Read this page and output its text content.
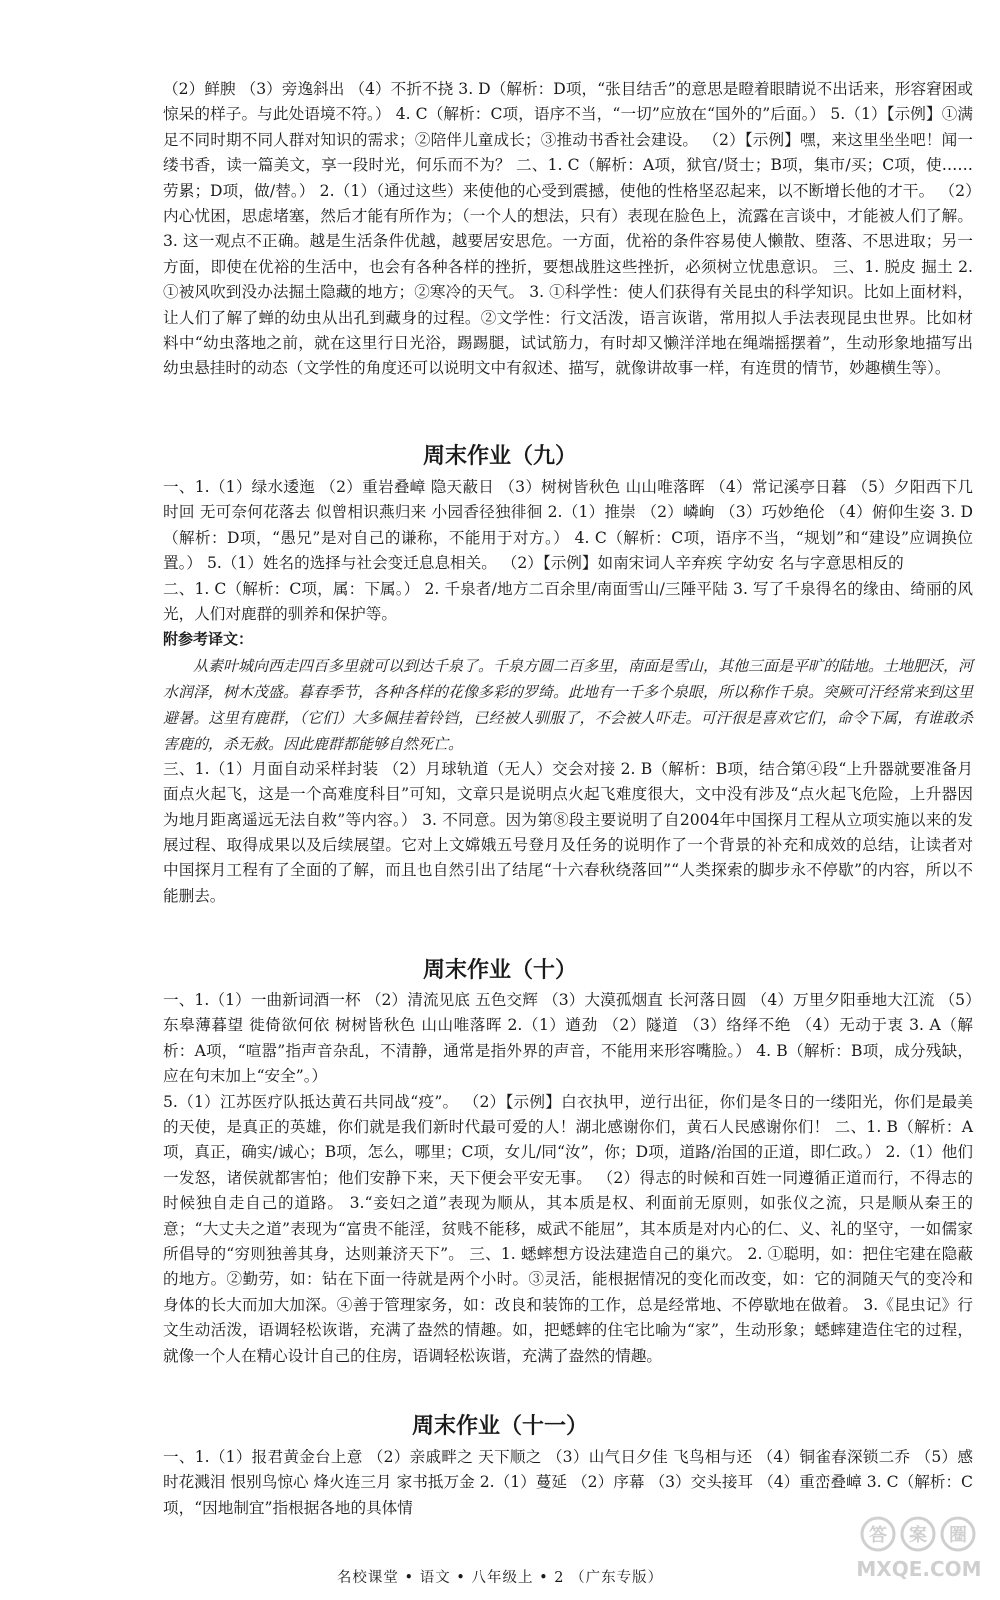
（2）鲜腴 （3）旁逸斜出 （4）不折不挠 3. D（解析：D项，“张目结舌”的意思是瞪着眼睛说不出话来，形容窘困或惊呆的样子。与此处语境不符。） 4. C（解析：C项，语序不当，“一切”应放在“国外的”后面。） 5.（1）【示例】①满足不同时期不同人群对知识的需求；②陪伴儿童成长；③推动书香社会建设。 （2）【示例】嘿，来这里坐坐吧！闻一缕书香，读一篇美文，享一段时光，何乐而不为？ 二、1. C（解析：A项，狱官/贤士；B项，集市/买；C项，使……劳累；D项，做/替。） 2.（1）（通过这些）来使他的心受到震撼，使他的性格坚忍起来，以不断增长他的才干。 （2）内心忧困，思虑堵塞，然后才能有所作为；（一个人的想法，只有）表现在脸色上，流露在言谈中，才能被人们了解。 3. 这一观点不正确。越是生活条件优越，越要居安思危。一方面，优裕的条件容易使人懒散、堕落、不思进取；另一方面，即使在优裕的生活中，也会有各种各样的挫折，要想战胜这些挫折，必须树立忧患意识。 三、1. 脱皮 掘土 2. ①被风吹到没办法掘土隐藏的地方；②寒冷的天气。 3. ①科学性：使人们获得有关昆虫的科学知识。比如上面材料，让人们了解了蝉的幼虫从出孔到藏身的过程。②文学性：行文活泼，语言诙谐，常用拟人手法表现昆虫世界。比如材料中“幼虫落地之前，就在这里行日光浴，踢踢腿，试试筋力，有时却又懒洋洋地在绳端摇摆着”，生动形象地描写出幼虫悬挂时的动态（文学性的角度还可以说明文中有叙述、描写，就像讲故事一样，有连贯的情节，妙趣横生等）。

周末作业（九）

一、1.（1）绿水逶迤 （2）重岩叠嶂 隐天蔽日 （3）树树皆秋色 山山唯落晖 （4）常记溪亭日暮 （5）夕阳西下几时回 无可奈何花落去 似曾相识燕归来 小园香径独徘徊 2.（1）推崇 （2）嶙峋 （3）巧妙绝伦 （4）俯仰生姿 3. D（解析：D项，“愚兄”是对自己的谦称，不能用于对方。） 4. C（解析：C项，语序不当，“规划”和“建设”应调换位置。） 5.（1）姓名的选择与社会变迁息息相关。 （2）【示例】如南宋词人辛弃疾 字幼安 名与字意思相反的

二、1. C（解析：C项，属：下属。） 2. 千泉者/地方二百余里/南面雪山/三陲平陆 3. 写了千泉得名的缘由、绮丽的风光，人们对鹿群的驯养和保护等。

附参考译文：

从素叶城向西走四百多里就可以到达千泉了。千泉方圆二百多里，南面是雪山，其他三面是平旷的陆地。土地肥沃，河水润泽，树木茂盛。暮春季节，各种各样的花像多彩的罗绮。此地有一千多个泉眼，所以称作千泉。突厥可汗经常来到这里避暑。这里有鹿群，（它们）大多佩挂着铃铛，已经被人驯服了，不会被人吓走。可汗很是喜欢它们，命令下属，有谁敢杀害鹿的，杀无赦。因此鹿群都能够自然死亡。

三、1.（1）月面自动采样封装 （2）月球轨道（无人）交会对接 2. B（解析：B项，结合第④段“上升器就要准备月面点火起飞，这是一个高难度科目”可知，文章只是说明点火起飞难度很大，文中没有涉及“点火起飞危险，上升器因为地月距离遥远无法自救”等内容。） 3. 不同意。因为第⑧段主要说明了自2004年中国探月工程从立项实施以来的发展过程、取得成果以及后续展望。它对上文嫦娥五号登月及任务的说明作了一个背景的补充和成效的总结，让读者对中国探月工程有了全面的了解，而且也自然引出了结尾“十六春秋绕落回”“人类探索的脚步永不停歇”的内容，所以不能删去。

周末作业（十）

一、1.（1）一曲新词酒一杯 （2）清流见底 五色交辉 （3）大漠孤烟直 长河落日圆 （4）万里夕阳垂地大江流 （5）东皋薄暮望 徙倚欲何依 树树皆秋色 山山唯落晖 2.（1）遒劲 （2）隧道 （3）络绎不绝 （4）无动于衷 3. A（解析：A项，“喧嚣”指声音杂乱，不清静，通常是指外界的声音，不能用来形容嘴脸。） 4. B（解析：B项，成分残缺，应在句末加上“安全”。）

5.（1）江苏医疗队抵达黄石共同战“疫”。 （2）【示例】白衣执甲，逆行出征，你们是冬日的一缕阳光，你们是最美的天使，是真正的英雄，你们就是我们新时代最可爱的人！湖北感谢你们，黄石人民感谢你们！ 二、1. B（解析：A项，真正，确实/诚心；B项，怎么，哪里；C项，女儿/同“汝”，你；D项，道路/治国的正道，即仁政。） 2.（1）他们一发怒，诸侯就都害怕；他们安静下来，天下便会平安无事。 （2）得志的时候和百姓一同遵循正道而行，不得志的时候独自走自己的道路。 3.“妾妇之道”表现为顺从，其本质是权、利面前无原则，如张仪之流，只是顺从秦王的意；“大丈夫之道”表现为“富贵不能淫，贫贱不能移，威武不能屈”，其本质是对内心的仁、义、礼的坚守，一如儒家所倡导的“穷则独善其身，达则兼济天下”。 三、1. 蟋蟀想方设法建造自己的巢穴。 2. ①聪明，如：把住宅建在隐蔽的地方。②勤劳，如：钻在下面一待就是两个小时。③灵活，能根据情况的变化而改变，如：它的洞随天气的变冷和身体的长大而加大加深。④善于管理家务，如：改良和装饰的工作，总是经常地、不停歇地在做着。 3.《昆虫记》行文生动活泼，语调轻松诙谐，充满了盎然的情趣。如，把蟋蟀的住宅比喻为“家”，生动形象；蟋蟀建造住宅的过程，就像一个人在精心设计自己的住房，语调轻松诙谐，充满了盎然的情趣。

周末作业（十一）

一、1.（1）报君黄金台上意 （2）亲戚畔之 天下顺之 （3）山气日夕佳 飞鸟相与还 （4）铜雀春深锁二乔 （5）感时花溅泪 恨别鸟惊心 烽火连三月 家书抵万金 2.（1）蔓延 （2）序幕 （3）交头接耳 （4）重峦叠嶂 3. C（解析：C项，“因地制宜”指根据各地的具体情

名校课堂 • 语文 • 八年级上 • 2 （广东专版）
答 案 圈
MXQE.COM
